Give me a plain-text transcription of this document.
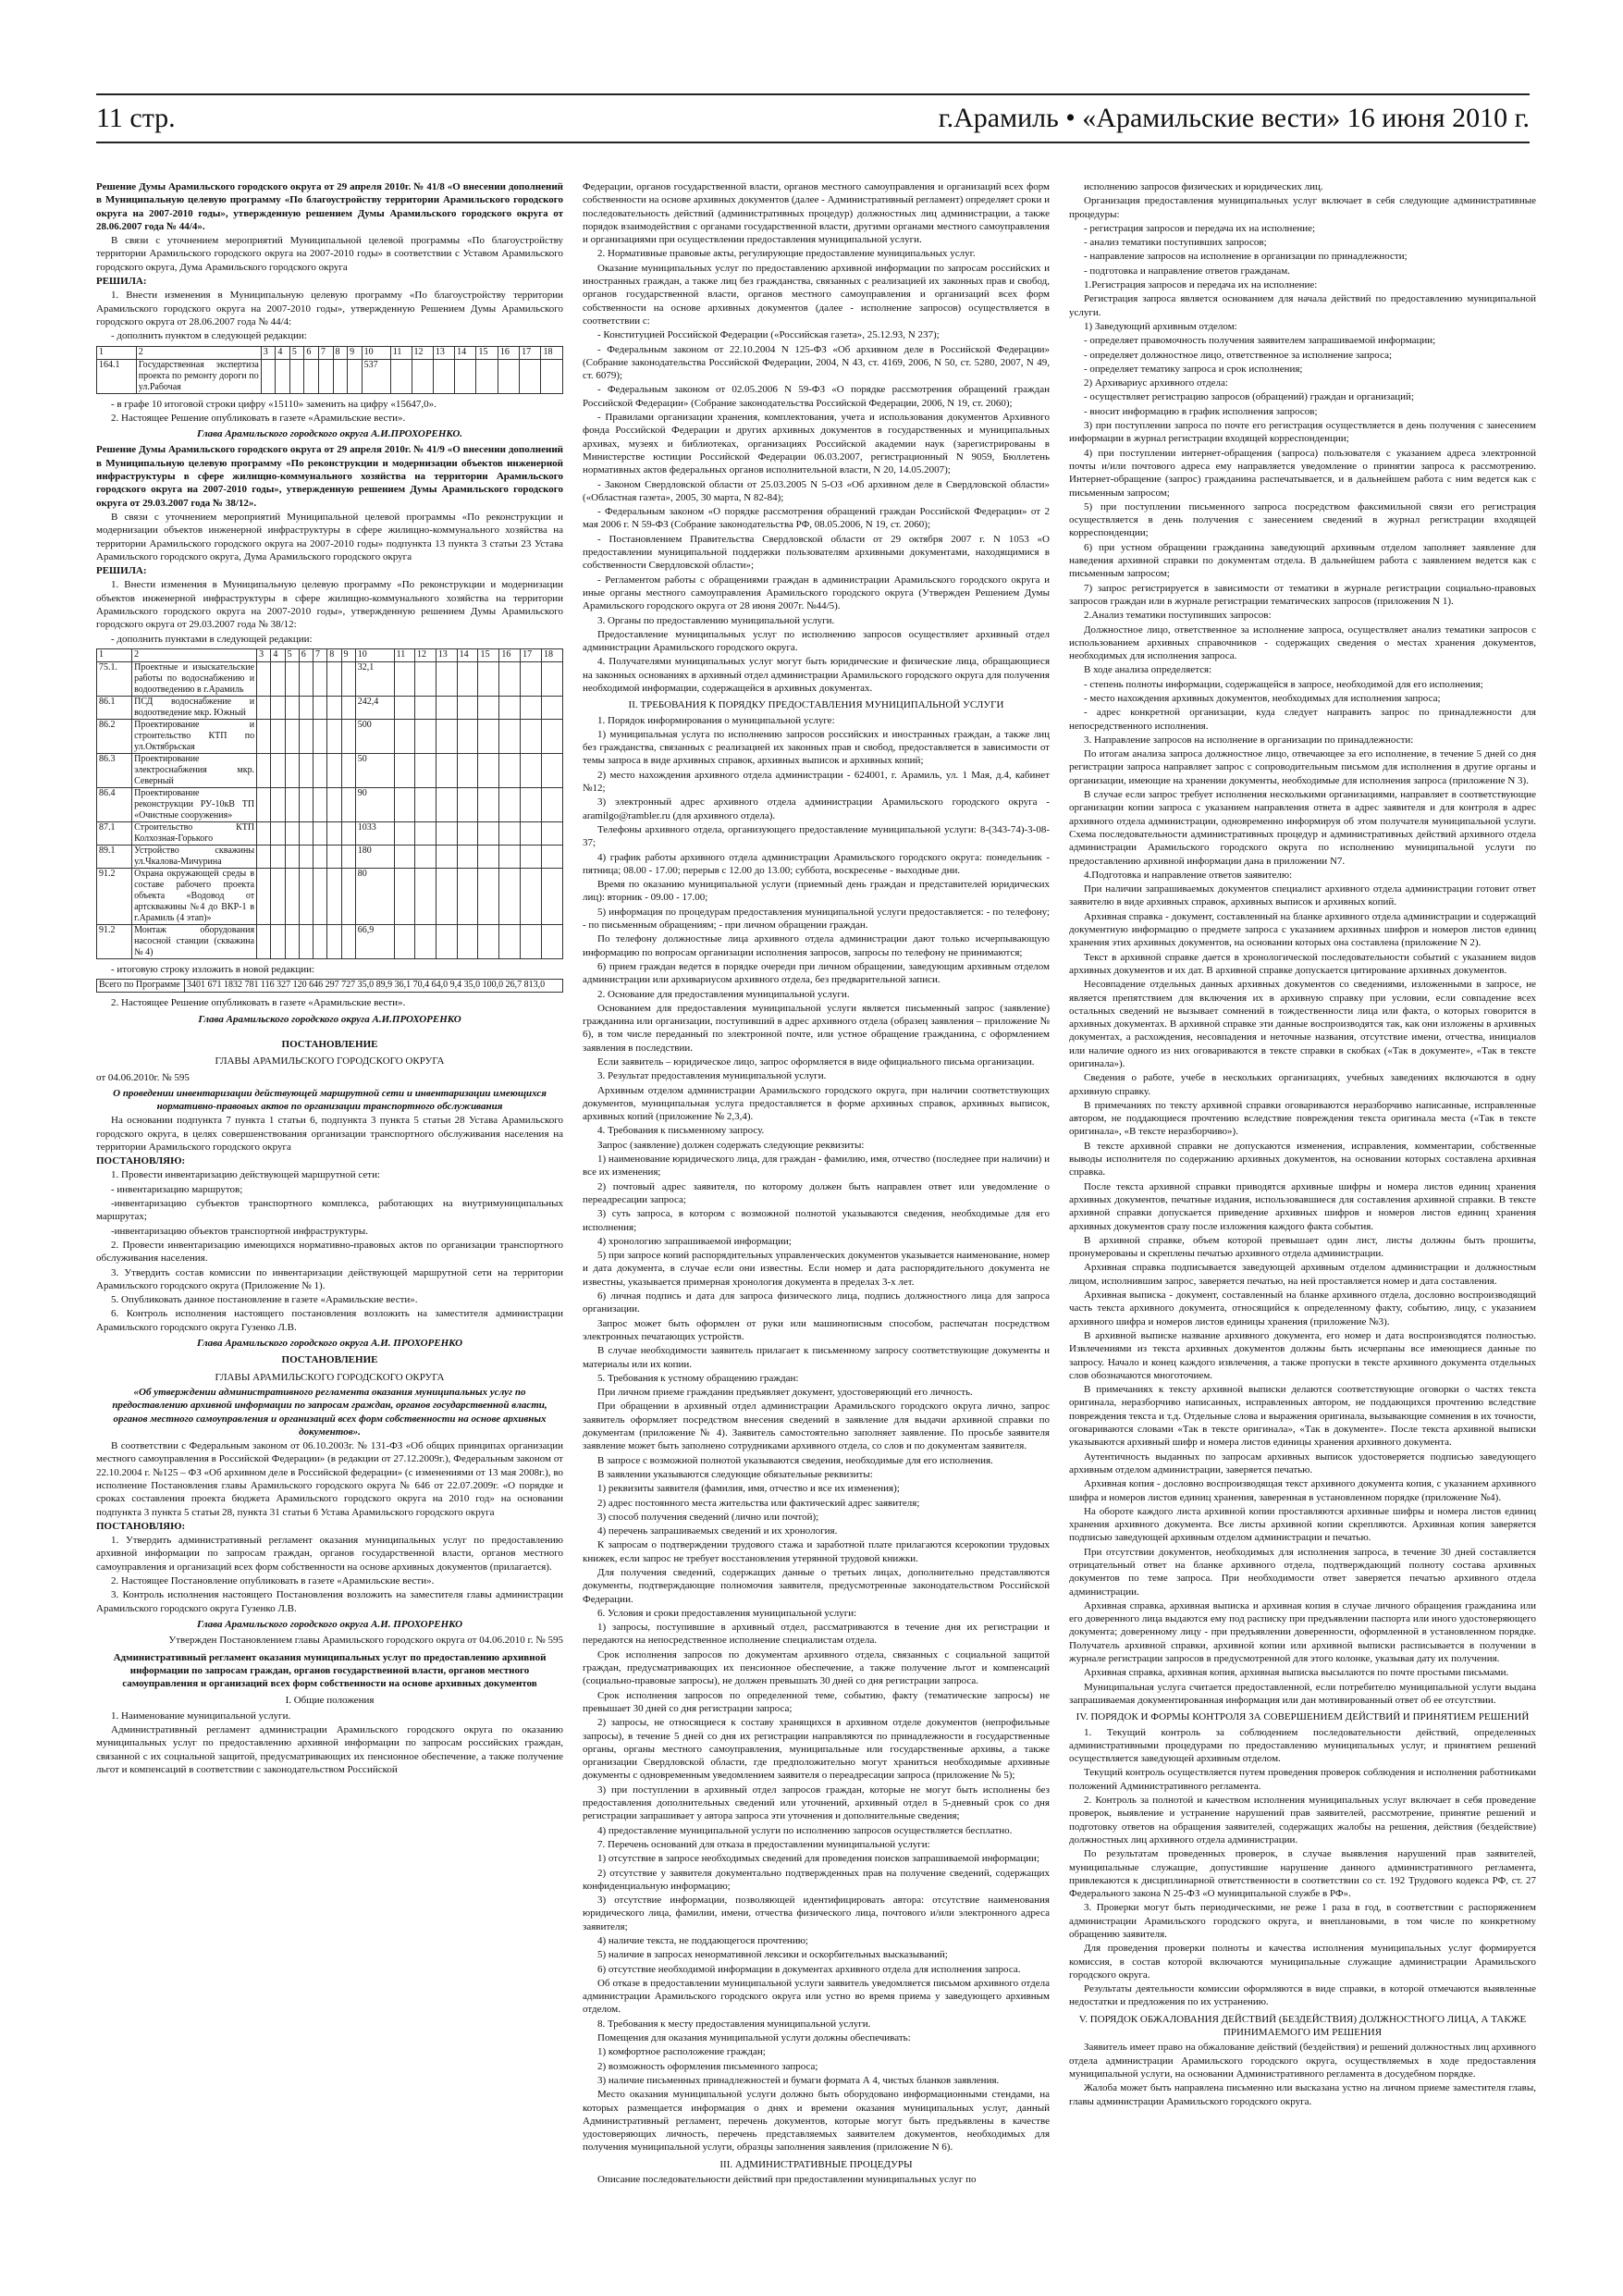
11 стр.	г.Арамиль • «Арамильские вести» 16 июня 2010 г.

Решение Думы Арамильского городского округа от 29 апреля 2010г. № 41/8 «О внесении дополнений в Муниципальную целевую программу «По благоустройству территории Арамильского городского округа на 2007-2010 годы», утвержденную решением Думы Арамильского городского округа от 28.06.2007 года № 44/4».

В связи с уточнением мероприятий Муниципальной целевой программы «По благоустройству территории Арамильского городского округа на 2007-2010 годы» в соответствии с Уставом Арамильского городского округа, Дума Арамильского городского округа

РЕШИЛА:

1. Внести изменения в Муниципальную целевую программу «По благоустройству территории Арамильского городского округа на 2007-2010 годы», утвержденную Решением Думы Арамильского городского округа от 28.06.2007 года № 44/4:

- дополнить пунктом в следующей редакции:

1	2	3	4	5	6	7	8	9	10	11	12	13	14	15	16	17	18
164.1	Государственная экспертиза проекта по ремонту дороги по ул.Рабочая								537								

- в графе 10 итоговой строки цифру «15110» заменить на цифру «15647,0».

2. Настоящее Решение опубликовать в газете «Арамильские вести».

Глава Арамильского городского округа А.И.ПРОХОРЕНКО.

Решение Думы Арамильского городского округа от 29 апреля 2010г. № 41/9 «О внесении дополнений в Муниципальную целевую программу «По реконструкции и модернизации объектов инженерной инфраструктуры в сфере жилищно-коммунального хозяйства на территории Арамильского городского округа на 2007-2010 годы», утвержденную решением Думы Арамильского городского округа от 29.03.2007 года № 38/12».

В связи с уточнением мероприятий Муниципальной целевой программы «По реконструкции и модернизации объектов инженерной инфраструктуры в сфере жилищно-коммунального хозяйства на территории Арамильского городского округа на 2007-2010 годы» подпункта 13 пункта 3 статьи 23 Устава Арамильского городского округа, Дума Арамильского городского округа

РЕШИЛА:

1. Внести изменения в Муниципальную целевую программу «По реконструкции и модернизации объектов инженерной инфраструктуры в сфере жилищно-коммунального хозяйства на территории Арамильского городского округа на 2007-2010 годы», утвержденную решением Думы Арамильского городского округа от 29.03.2007 года № 38/12:

- дополнить пунктами в следующей редакции:

1	2	3	4	5	6	7	8	9	10	11	12	13	14	15	16	17	18
75.1.	Проектные и изыскательские работы по водоснабжению и водоотведению в г.Арамиль								32,1								
86.1	ПСД водоснабжение и водоотведение мкр. Южный								242,4								
86.2	Проектирование и строительство КТП по ул.Октябрьская								500								
86.3	Проектирование электроснабжения мкр. Северный								50								
86.4	Проектирование реконструкции РУ-10кВ ТП «Очистные сооружения»								90								
87.1	Строительство КТП Колхозная-Горького								1033								
89.1	Устройство скважины ул.Чкалова-Мичурина								180								
91.2	Охрана окружающей среды в составе рабочего проекта объекта «Водовод от артскважины №4 до ВКР-1 в г.Арамиль (4 этап)»								80								
91.2	Монтаж оборудования насосной станции (скважина № 4)								66,9								

- итоговую строку изложить в новой редакции:

Всего по Программе	3401 671 1832 781 116 327 120 646 297 727 35,0 89,9 36,1 70,4 64,0 9,4 35,0 100,0 26,7 813,0

2. Настоящее Решение опубликовать в газете «Арамильские вести».

Глава Арамильского городского округа А.И.ПРОХОРЕНКО

ПОСТАНОВЛЕНИЕ

ГЛАВЫ АРАМИЛЬСКОГО ГОРОДСКОГО ОКРУГА

от 04.06.2010г. № 595

О проведении инвентаризации действующей маршрутной сети и инвентаризации имеющихся нормативно-правовых актов по организации транспортного обслуживания

На основании подпункта 7 пункта 1 статьи 6, подпункта 3 пункта 5 статьи 28 Устава Арамильского городского округа, в целях совершенствования организации транспортного обслуживания населения на территории Арамильского городского округа

ПОСТАНОВЛЯЮ:

1. Провести инвентаризацию действующей маршрутной сети:

- инвентаризацию маршрутов;

-инвентаризацию субъектов транспортного комплекса, работающих на внутримуниципальных маршрутах;

-инвентаризацию объектов транспортной инфраструктуры.

2. Провести инвентаризацию имеющихся нормативно-правовых актов по организации транспортного обслуживания населения.

3. Утвердить состав комиссии по инвентаризации действующей маршрутной сети на территории Арамильского городского округа (Приложение № 1).

5. Опубликовать данное постановление в газете «Арамильские вести».

6. Контроль исполнения настоящего постановления возложить на заместителя администрации Арамильского городского округа Гузенко Л.В.

Глава Арамильского городского округа А.И. ПРОХОРЕНКО

ПОСТАНОВЛЕНИЕ

ГЛАВЫ АРАМИЛЬСКОГО ГОРОДСКОГО ОКРУГА

«Об утверждении административного регламента оказания муниципальных услуг по предоставлению архивной информации по запросам граждан, органов государственной власти, органов местного самоуправления и организаций всех форм собственности на основе архивных документов».

В соответствии с Федеральным законом от 06.10.2003г. № 131-ФЗ «Об общих принципах организации местного самоуправления в Российской Федерации» (в редакции от 27.12.2009г.), Федеральным законом от 22.10.2004 г. №125 – ФЗ «Об архивном деле в Российской федерации» (с изменениями от 13 мая 2008г.), во исполнение Постановления главы Арамильского городского округа № 646 от 22.07.2009г. «О порядке и сроках составления проекта бюджета Арамильского городского округа на 2010 год» на основании подпункта 3 пункта 5 статьи 28, пункта 31 статьи 6 Устава Арамильского городского округа

ПОСТАНОВЛЯЮ:

1. Утвердить административный регламент оказания муниципальных услуг по предоставлению архивной информации по запросам граждан, органов государственной власти, органов местного самоуправления и организаций всех форм собственности на основе архивных документов (прилагается).

2. Настоящее Постановление опубликовать в газете «Арамильские вести».

3. Контроль исполнения настоящего Постановления возложить на заместителя главы администрации Арамильского городского округа Гузенко Л.В.

Глава Арамильского городского округа А.И. ПРОХОРЕНКО

Утвержден Постановлением главы Арамильского городского округа от 04.06.2010 г. № 595

Административный регламент оказания муниципальных услуг по предоставлению архивной информации по запросам граждан, органов государственной власти, органов местного самоуправления и организаций всех форм собственности на основе архивных документов

I. Общие положения

1. Наименование муниципальной услуги.

Административный регламент администрации Арамильского городского округа по оказанию муниципальных услуг по предоставлению архивной информации по запросам российских граждан, связанной с их социальной защитой, предусматривающих их пенсионное обеспечение, а также получение льгот и компенсаций в соответствии с законодательством Российской

Федерации, органов государственной власти, органов местного самоуправления и организаций всех форм собственности на основе архивных документов (далее - Административный регламент) определяет сроки и последовательность действий (административных процедур) должностных лиц администрации, а также порядок взаимодействия с органами государственной власти, другими органами местного самоуправления и организациями при осуществлении предоставления муниципальной услуги.

2. Нормативные правовые акты, регулирующие предоставление муниципальных услуг.

Оказание муниципальных услуг по предоставлению архивной информации по запросам российских и иностранных граждан, а также лиц без гражданства, связанных с реализацией их законных прав и свобод, органов государственной власти, органов местного самоуправления и организаций всех форм собственности на основе архивных документов (далее - исполнение запросов) осуществляется в соответствии с:

- Конституцией Российской Федерации («Российская газета», 25.12.93, N 237);

- Федеральным законом от 22.10.2004 N 125-ФЗ «Об архивном деле в Российской Федерации» (Собрание законодательства Российской Федерации, 2004, N 43, ст. 4169, 2006, N 50, ст. 5280, 2007, N 49, ст. 6079);

- Федеральным законом от 02.05.2006 N 59-ФЗ «О порядке рассмотрения обращений граждан Российской Федерации» (Собрание законодательства Российской Федерации, 2006, N 19, ст. 2060);

- Правилами организации хранения, комплектования, учета и использования документов Архивного фонда Российской Федерации и других архивных документов в государственных и муниципальных архивах, музеях и библиотеках, организациях Российской академии наук (зарегистрированы в Министерстве юстиции Российской Федерации 06.03.2007, регистрационный N 9059, Бюллетень нормативных актов федеральных органов исполнительной власти, N 20, 14.05.2007);

- Законом Свердловской области от 25.03.2005 N 5-ОЗ «Об архивном деле в Свердловской области» («Областная газета», 2005, 30 марта, N 82-84);

- Федеральным законом «О порядке рассмотрения обращений граждан Российской Федерации» от 2 мая 2006 г. N 59-ФЗ (Собрание законодательства РФ, 08.05.2006, N 19, ст. 2060);

- Постановлением Правительства Свердловской области от 29 октября 2007 г. N 1053 «О предоставлении муниципальной поддержки пользователям архивными документами, находящимися в собственности Свердловской области»;

- Регламентом работы с обращениями граждан в администрации Арамильского городского округа и иные органы местного самоуправления Арамильского городского округа (Утвержден Решением Думы Арамильского городского округа от 28 июня 2007г. №44/5).

3. Органы по предоставлению муниципальной услуги.

Предоставление муниципальных услуг по исполнению запросов осуществляет архивный отдел администрации Арамильского городского округа.

4. Получателями муниципальных услуг могут быть юридические и физические лица, обращающиеся на законных основаниях в архивный отдел администрации Арамильского городского округа для получения необходимой информации, содержащейся в архивных документах.

II. ТРЕБОВАНИЯ К ПОРЯДКУ ПРЕДОСТАВЛЕНИЯ МУНИЦИПАЛЬНОЙ УСЛУГИ

1. Порядок информирования о муниципальной услуге:

1) муниципальная услуга по исполнению запросов российских и иностранных граждан, а также лиц без гражданства, связанных с реализацией их законных прав и свобод, предоставляется в зависимости от темы запроса в виде архивных справок, архивных выписок и архивных копий;

2) место нахождения архивного отдела администрации - 624001, г. Арамиль, ул. 1 Мая, д.4, кабинет №12;

3) электронный адрес архивного отдела администрации Арамильского городского округа - aramilgo@rambler.ru (для архивного отдела).

Телефоны архивного отдела, организующего предоставление муниципальной услуги: 8-(343-74)-3-08-37;

4) график работы архивного отдела администрации Арамильского городского округа: понедельник - пятница; 08.00 - 17.00; перерыв с 12.00 до 13.00; суббота, воскресенье - выходные дни.

Время по оказанию муниципальной услуги (приемный день граждан и представителей юридических лиц): вторник - 09.00 - 17.00;

5) информация по процедурам предоставления муниципальной услуги предоставляется: - по телефону; - по письменным обращениям; - при личном обращении граждан.

По телефону должностные лица архивного отдела администрации дают только исчерпывающую информацию по вопросам организации исполнения запросов, запросы по телефону не принимаются;

6) прием граждан ведется в порядке очереди при личном обращении, заведующим архивным отделом администрации или архивариусом архивного отдела, без предварительной записи.

2. Основание для предоставления муниципальной услуги.

Основанием для предоставления муниципальной услуги является письменный запрос (заявление) гражданина или организации, поступивший в адрес архивного отдела (образец заявления – приложение № 6), в том числе переданный по электронной почте, или устное обращение гражданина, с оформлением заявления в последствии.

Если заявитель – юридическое лицо, запрос оформляется в виде официального письма организации.

3. Результат предоставления муниципальной услуги.

Архивным отделом администрации Арамильского городского округа, при наличии соответствующих документов, муниципальная услуга предоставляется в форме архивных справок, архивных выписок, архивных копий (приложение № 2,3,4).

4. Требования к письменному запросу.

Запрос (заявление) должен содержать следующие реквизиты:

1) наименование юридического лица, для граждан - фамилию, имя, отчество (последнее при наличии) и все их изменения;

2) почтовый адрес заявителя, по которому должен быть направлен ответ или уведомление о переадресации запроса;

3) суть запроса, в котором с возможной полнотой указываются сведения, необходимые для его исполнения;

4) хронологию запрашиваемой информации;

5) при запросе копий распорядительных управленческих документов указывается наименование, номер и дата документа, в случае если они известны. Если номер и дата распорядительного документа не известны, указывается примерная хронология документа в пределах 3-х лет.

6) личная подпись и дата для запроса физического лица, подпись должностного лица для запроса организации.

Запрос может быть оформлен от руки или машинописным способом, распечатан посредством электронных печатающих устройств.

В случае необходимости заявитель прилагает к письменному запросу соответствующие документы и материалы или их копии.

5. Требования к устному обращению граждан:

При личном приеме гражданин предъявляет документ, удостоверяющий его личность.

При обращении в архивный отдел администрации Арамильского городского округа лично, запрос заявитель оформляет посредством внесения сведений в заявление для выдачи архивной справки по документам (приложение № 4). Заявитель самостоятельно заполняет заявление. По просьбе заявителя заявление может быть заполнено сотрудниками архивного отдела, со слов и по документам заявителя.

В запросе с возможной полнотой указываются сведения, необходимые для его исполнения.

В заявлении указываются следующие обязательные реквизиты:

1) реквизиты заявителя (фамилия, имя, отчество и все их изменения);

2) адрес постоянного места жительства или фактический адрес заявителя;

3) способ получения сведений (лично или почтой);

4) перечень запрашиваемых сведений и их хронология.

К запросам о подтверждении трудового стажа и заработной плате прилагаются ксерокопии трудовых книжек, если запрос не требует восстановления утерянной трудовой книжки.

Для получения сведений, содержащих данные о третьих лицах, дополнительно представляются документы, подтверждающие полномочия заявителя, предусмотренные законодательством Российской Федерации.

6. Условия и сроки предоставления муниципальной услуги:

1) запросы, поступившие в архивный отдел, рассматриваются в течение дня их регистрации и передаются на непосредственное исполнение специалистам отдела.

Срок исполнения запросов по документам архивного отдела, связанных с социальной защитой граждан, предусматривающих их пенсионное обеспечение, а также получение льгот и компенсаций (социально-правовые запросы), не должен превышать 30 дней со дня регистрации запроса.

Срок исполнения запросов по определенной теме, событию, факту (тематические запросы) не превышает 30 дней со дня регистрации запроса;

2) запросы, не относящиеся к составу хранящихся в архивном отделе документов (непрофильные запросы), в течение 5 дней со дня их регистрации направляются по принадлежности в государственные органы, органы местного самоуправления, муниципальные или государственные архивы, а также организации Свердловской области, где предположительно могут храниться необходимые архивные документы с одновременным уведомлением заявителя о переадресации запроса (приложение № 5);

3) при поступлении в архивный отдел запросов граждан, которые не могут быть исполнены без предоставления дополнительных сведений или уточнений, архивный отдел в 5-дневный срок со дня регистрации запрашивает у автора запроса эти уточнения и дополнительные сведения;

4) предоставление муниципальной услуги по исполнению запросов осуществляется бесплатно.

7. Перечень оснований для отказа в предоставлении муниципальной услуги:

1) отсутствие в запросе необходимых сведений для проведения поисков запрашиваемой информации;

2) отсутствие у заявителя документально подтвержденных прав на получение сведений, содержащих конфиденциальную информацию;

3) отсутствие информации, позволяющей идентифицировать автора: отсутствие наименования юридического лица, фамилии, имени, отчества физического лица, почтового и/или электронного адреса заявителя;

4) наличие текста, не поддающегося прочтению;

5) наличие в запросах ненормативной лексики и оскорбительных высказываний;

6) отсутствие необходимой информации в документах архивного отдела для исполнения запроса.

Об отказе в предоставлении муниципальной услуги заявитель уведомляется письмом архивного отдела администрации Арамильского городского округа или устно во время приема у заведующего архивным отделом.

8. Требования к месту предоставления муниципальной услуги.

Помещения для оказания муниципальной услуги должны обеспечивать:

1) комфортное расположение граждан;

2) возможность оформления письменного запроса;

3) наличие письменных принадлежностей и бумаги формата А 4, чистых бланков заявления.

Место оказания муниципальной услуги должно быть оборудовано информационными стендами, на которых размещается информация о днях и времени оказания муниципальных услуг, данный Административный регламент, перечень документов, которые могут быть предъявлены в качестве удостоверяющих личность, перечень представляемых заявителем документов, необходимых для получения муниципальной услуги, образцы заполнения заявления (приложение N 6).

III. АДМИНИСТРАТИВНЫЕ ПРОЦЕДУРЫ

Описание последовательности действий при предоставлении муниципальных услуг по

исполнению запросов физических и юридических лиц.

Организация предоставления муниципальных услуг включает в себя следующие административные процедуры:

- регистрация запросов и передача их на исполнение;

- анализ тематики поступивших запросов;

- направление запросов на исполнение в организации по принадлежности;

- подготовка и направление ответов гражданам.

1.Регистрация запросов и передача их на исполнение:

Регистрация запроса является основанием для начала действий по предоставлению муниципальной услуги.

1) Заведующий архивным отделом:

- определяет правомочность получения заявителем запрашиваемой информации;

- определяет должностное лицо, ответственное за исполнение запроса;

- определяет тематику запроса и срок исполнения;

2) Архивариус архивного отдела:

- осуществляет регистрацию запросов (обращений) граждан и организаций;

- вносит информацию в график исполнения запросов;

3) при поступлении запроса по почте его регистрация осуществляется в день получения с занесением информации в журнал регистрации входящей корреспонденции;

4) при поступлении интернет-обращения (запроса) пользователя с указанием адреса электронной почты и/или почтового адреса ему направляется уведомление о принятии запроса к рассмотрению. Интернет-обращение (запрос) гражданина распечатывается, и в дальнейшем работа с ним ведется как с письменным запросом;

5) при поступлении письменного запроса посредством факсимильной связи его регистрация осуществляется в день получения с занесением сведений в журнал регистрации входящей корреспонденции;

6) при устном обращении гражданина заведующий архивным отделом заполняет заявление для наведения архивной справки по документам отдела. В дальнейшем работа с заявлением ведется как с письменным запросом;

7) запрос регистрируется в зависимости от тематики в журнале регистрации социально-правовых запросов граждан или в журнале регистрации тематических запросов (приложения N 1).

2.Анализ тематики поступивших запросов:

Должностное лицо, ответственное за исполнение запроса, осуществляет анализ тематики запросов с использованием архивных справочников - содержащих сведения о местах хранения документов, необходимых для исполнения запроса.

В ходе анализа определяется:

- степень полноты информации, содержащейся в запросе, необходимой для его исполнения;

- место нахождения архивных документов, необходимых для исполнения запроса;

- адрес конкретной организации, куда следует направить запрос по принадлежности для непосредственного исполнения.

3. Направление запросов на исполнение в организации по принадлежности:

По итогам анализа запроса должностное лицо, отвечающее за его исполнение, в течение 5 дней со дня регистрации запроса направляет запрос с сопроводительным письмом для исполнения в другие органы и организации, имеющие на хранении документы, необходимые для исполнения запроса (приложение N 3).

В случае если запрос требует исполнения несколькими организациями, направляет в соответствующие организации копии запроса с указанием направления ответа в адрес заявителя и для контроля в адрес архивного отдела администрации, одновременно информируя об этом получателя муниципальной услуги. Схема последовательности административных процедур и административных действий архивного отдела администрации Арамильского городского округа по исполнению муниципальной услуги по предоставлению архивной информации дана в приложении N7.

4.Подготовка и направление ответов заявителю:

При наличии запрашиваемых документов специалист архивного отдела администрации готовит ответ заявителю в виде архивных справок, архивных выписок и архивных копий.

Архивная справка - документ, составленный на бланке архивного отдела администрации и содержащий документную информацию о предмете запроса с указанием архивных шифров и номеров листов единиц хранения этих архивных документов, на основании которых она составлена (приложение N 2).

Текст в архивной справке дается в хронологической последовательности событий с указанием видов архивных документов и их дат. В архивной справке допускается цитирование архивных документов.

Несовпадение отдельных данных архивных документов со сведениями, изложенными в запросе, не является препятствием для включения их в архивную справку при условии, если совпадение всех остальных сведений не вызывает сомнений в тождественности лица или факта, о которых говорится в архивных документах. В архивной справке эти данные воспроизводятся так, как они изложены в архивных документах, а расхождения, несовпадения и неточные названия, отсутствие имени, отчества, инициалов или наличие одного из них оговариваются в тексте справки в скобках («Так в документе», «Так в тексте оригинала»).

Сведения о работе, учебе в нескольких организациях, учебных заведениях включаются в одну архивную справку.

В примечаниях по тексту архивной справки оговариваются неразборчиво написанные, исправленные автором, не поддающиеся прочтению вследствие повреждения текста оригинала места («Так в тексте оригинала», «В тексте неразборчиво»).

В тексте архивной справки не допускаются изменения, исправления, комментарии, собственные выводы исполнителя по содержанию архивных документов, на основании которых составлена архивная справка.

После текста архивной справки приводятся архивные шифры и номера листов единиц хранения архивных документов, печатные издания, использовавшиеся для составления архивной справки. В тексте архивной справки допускается приведение архивных шифров и номеров листов единиц хранения архивных документов сразу после изложения каждого факта события.

В архивной справке, объем которой превышает один лист, листы должны быть прошиты, пронумерованы и скреплены печатью архивного отдела администрации.

Архивная справка подписывается заведующей архивным отделом администрации и должностным лицом, исполнившим запрос, заверяется печатью, на ней проставляется номер и дата составления.

Архивная выписка - документ, составленный на бланке архивного отдела, дословно воспроизводящий часть текста архивного документа, относящийся к определенному факту, событию, лицу, с указанием архивного шифра и номеров листов единицы хранения (приложение №3).

В архивной выписке название архивного документа, его номер и дата воспроизводятся полностью. Извлечениями из текста архивных документов должны быть исчерпаны все имеющиеся данные по запросу. Начало и конец каждого извлечения, а также пропуски в тексте архивного документа отдельных слов обозначаются многоточием.

В примечаниях к тексту архивной выписки делаются соответствующие оговорки о частях текста оригинала, неразборчиво написанных, исправленных автором, не поддающихся прочтению вследствие повреждения текста и т.д. Отдельные слова и выражения оригинала, вызывающие сомнения в их точности, оговариваются словами «Так в тексте оригинала», «Так в документе». После текста архивной выписки указываются архивный шифр и номера листов единицы хранения архивного документа.

Аутентичность выданных по запросам архивных выписок удостоверяется подписью заведующего архивным отделом администрации, заверяется печатью.

Архивная копия - дословно воспроизводящая текст архивного документа копия, с указанием архивного шифра и номеров листов единиц хранения, заверенная в установленном порядке (приложение №4).

На обороте каждого листа архивной копии проставляются архивные шифры и номера листов единиц хранения архивного документа. Все листы архивной копии скрепляются. Архивная копия заверяется подписью заведующей архивным отделом администрации и печатью.

При отсутствии документов, необходимых для исполнения запроса, в течение 30 дней составляется отрицательный ответ на бланке архивного отдела, подтверждающий полноту состава архивных документов по теме запроса. При необходимости ответ заверяется печатью архивного отдела администрации.

Архивная справка, архивная выписка и архивная копия в случае личного обращения гражданина или его доверенного лица выдаются ему под расписку при предъявлении паспорта или иного удостоверяющего документа; доверенному лицу - при предъявлении доверенности, оформленной в установленном порядке. Получатель архивной справки, архивной копии или архивной выписки расписывается в получении в журнале регистрации запросов в предусмотренной для этого колонке, указывая дату их получения.

Архивная справка, архивная копия, архивная выписка высылаются по почте простыми письмами.

Муниципальная услуга считается предоставленной, если потребителю муниципальной услуги выдана запрашиваемая документированная информация или дан мотивированный ответ об ее отсутствии.

IV. ПОРЯДОК И ФОРМЫ КОНТРОЛЯ ЗА СОВЕРШЕНИЕМ ДЕЙСТВИЙ И ПРИНЯТИЕМ РЕШЕНИЙ

1. Текущий контроль за соблюдением последовательности действий, определенных административными процедурами по предоставлению муниципальных услуг, и принятием решений осуществляется заведующей архивным отделом.

Текущий контроль осуществляется путем проведения проверок соблюдения и исполнения работниками положений Административного регламента.

2. Контроль за полнотой и качеством исполнения муниципальных услуг включает в себя проведение проверок, выявление и устранение нарушений прав заявителей, рассмотрение, принятие решений и подготовку ответов на обращения заявителей, содержащих жалобы на решения, действия (бездействие) должностных лиц архивного отдела администрации.

По результатам проведенных проверок, в случае выявления нарушений прав заявителей, муниципальные служащие, допустившие нарушение данного административного регламента, привлекаются к дисциплинарной ответственности в соответствии со ст. 192 Трудового кодекса РФ, ст. 27 Федерального закона N 25-ФЗ «О муниципальной службе в РФ».

3. Проверки могут быть периодическими, не реже 1 раза в год, в соответствии с распоряжением администрации Арамильского городского округа, и внеплановыми, в том числе по конкретному обращению заявителя.

Для проведения проверки полноты и качества исполнения муниципальных услуг формируется комиссия, в состав которой включаются муниципальные служащие администрации Арамильского городского округа.

Результаты деятельности комиссии оформляются в виде справки, в которой отмечаются выявленные недостатки и предложения по их устранению.

V. ПОРЯДОК ОБЖАЛОВАНИЯ ДЕЙСТВИЙ (БЕЗДЕЙСТВИЯ) ДОЛЖНОСТНОГО ЛИЦА, А ТАКЖЕ ПРИНИМАЕМОГО ИМ РЕШЕНИЯ

Заявитель имеет право на обжалование действий (бездействия) и решений должностных лиц архивного отдела администрации Арамильского городского округа, осуществляемых в ходе предоставления муниципальной услуги, на основании Административного регламента в досудебном порядке.

Жалоба может быть направлена письменно или высказана устно на личном приеме заместителя главы, главы администрации Арамильского городского округа.
